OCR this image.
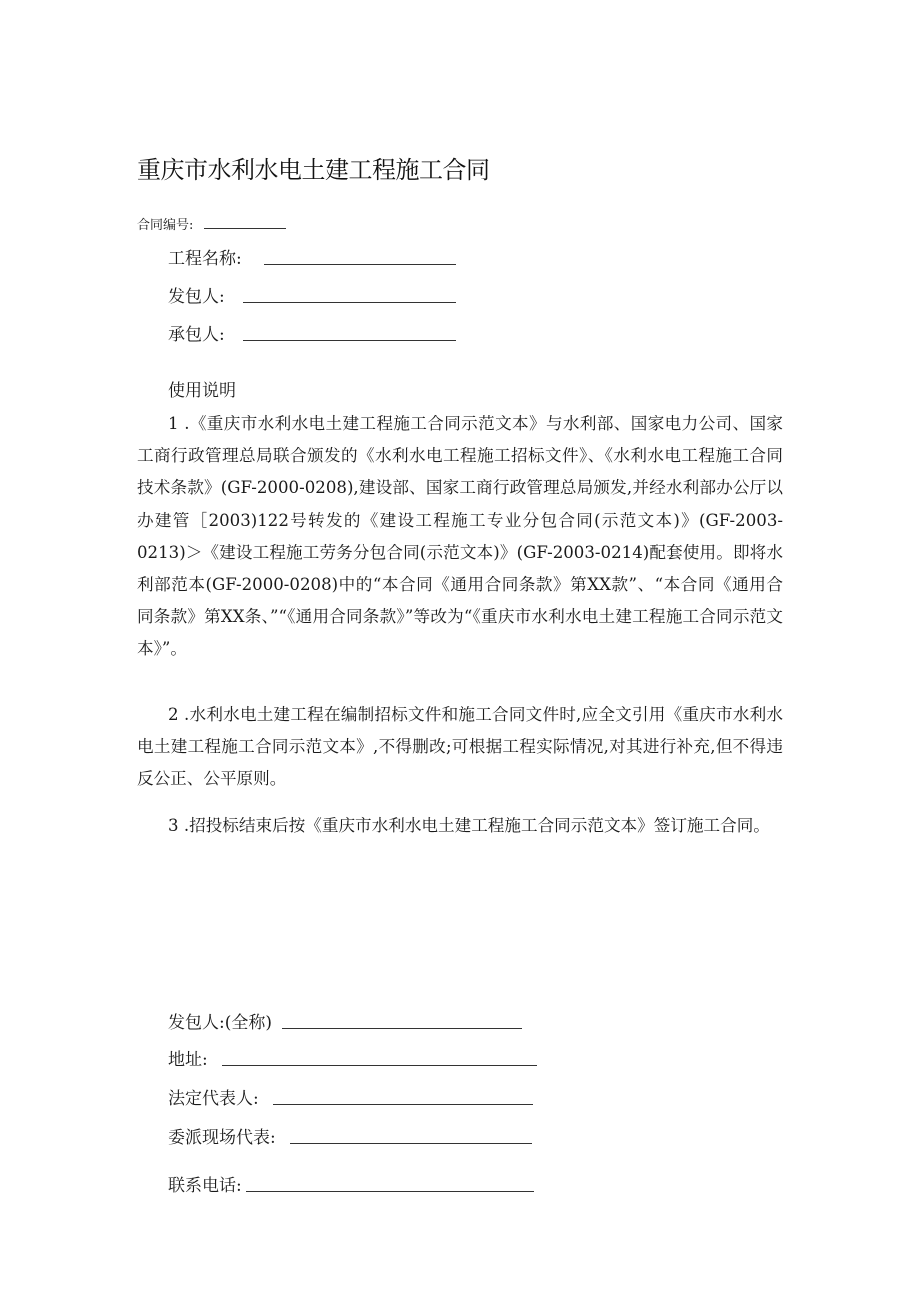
重庆市水利水电土建工程施工合同
合同编号:
工程名称:
发包人:
承包人:
使用说明
1 .《重庆市水利水电土建工程施工合同示范文本》与水利部、国家电力公司、国家工商行政管理总局联合颁发的《水利水电工程施工招标文件》、《水利水电工程施工合同技术条款》(GF-2000-0208),建设部、国家工商行政管理总局颁发,并经水利部办公厅以办建管［2003)122号转发的《建设工程施工专业分包合同(示范文本)》(GF-2003-0213)＞《建设工程施工劳务分包合同(示范文本)》(GF-2003-0214)配套使用。即将水利部范本(GF-2000-0208)中的“本合同《通用合同条款》第XX款”、“本合同《通用合同条款》第XX条、”“《通用合同条款》”等改为“《重庆市水利水电土建工程施工合同示范文本》”。
2 .水利水电土建工程在编制招标文件和施工合同文件时,应全文引用《重庆市水利水电土建工程施工合同示范文本》,不得删改;可根据工程实际情况,对其进行补充,但不得违反公正、公平原则。
3 .招投标结束后按《重庆市水利水电土建工程施工合同示范文本》签订施工合同。
发包人:(全称)
地址:
法定代表人:
委派现场代表:
联系电话:
